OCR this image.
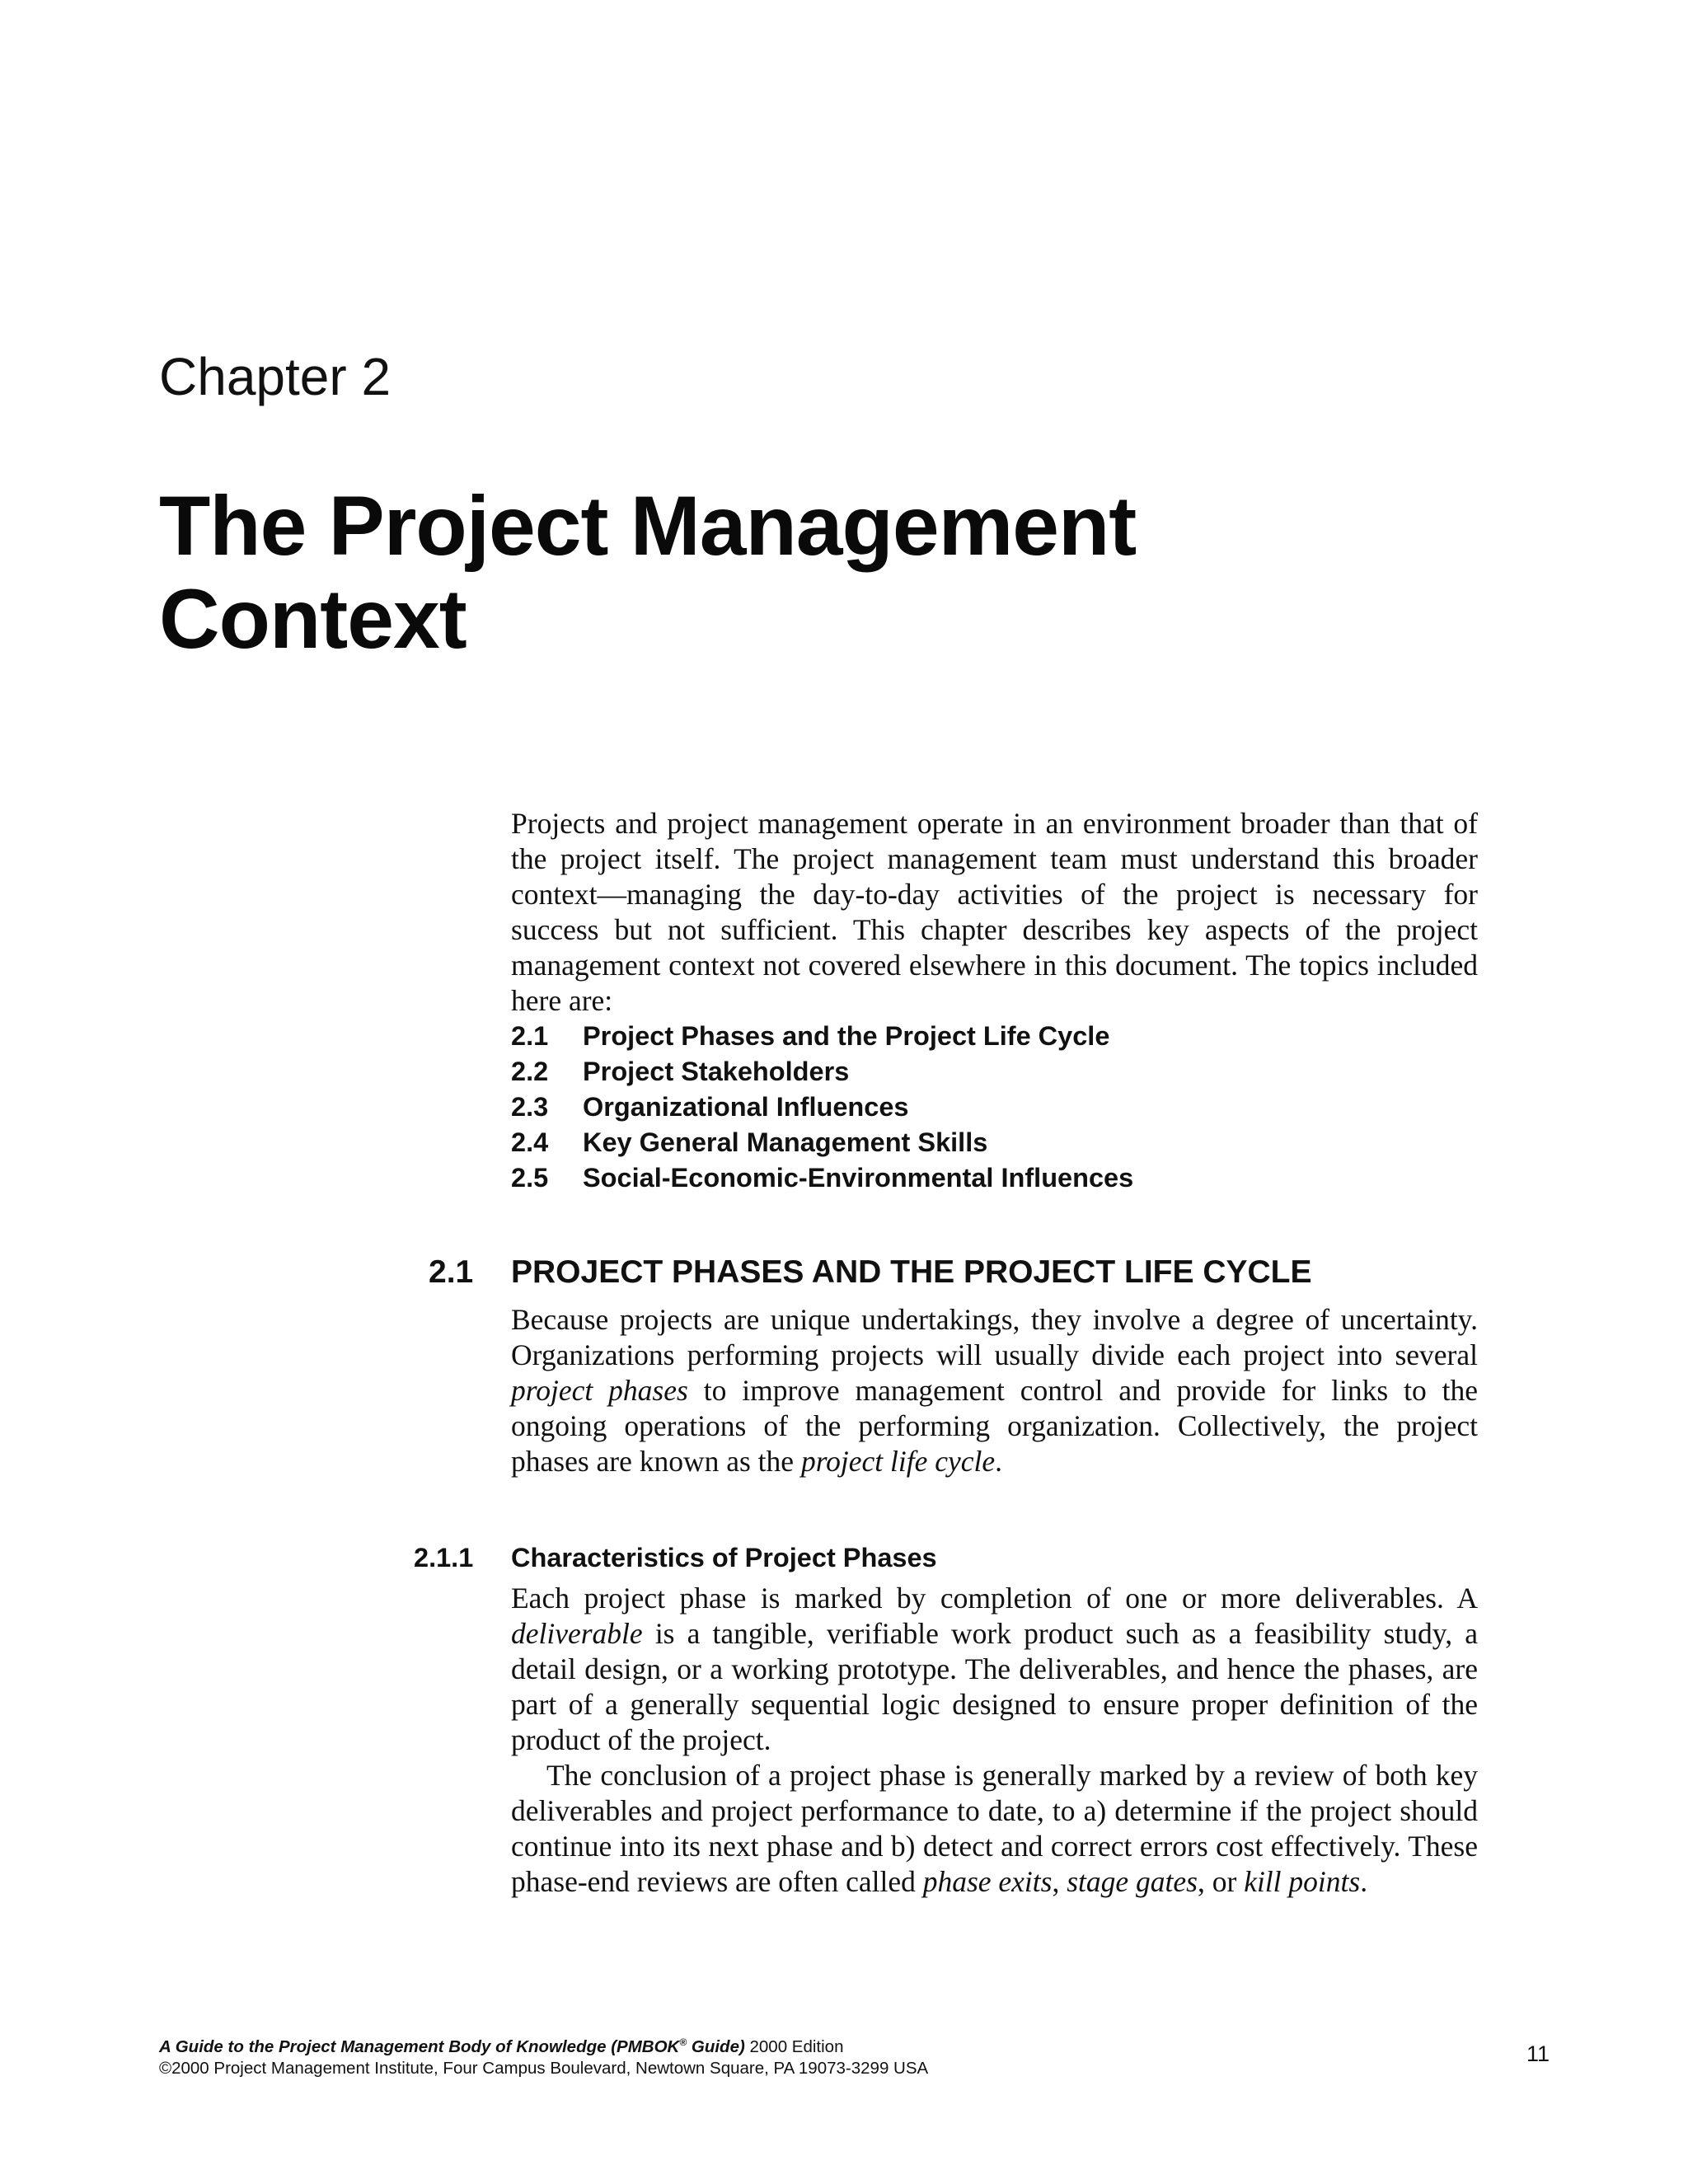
Chapter 2
The Project Management
Context

Projects and project management operate in an environment broader than that of the project itself. The project management team must understand this broader context—managing the day-to-day activities of the project is necessary for success but not sufficient. This chapter describes key aspects of the project management context not covered elsewhere in this document. The topics included here are:

2.1 Project Phases and the Project Life Cycle
2.2 Project Stakeholders
2.3 Organizational Influences
2.4 Key General Management Skills
2.5 Social-Economic-Environmental Influences
2.1 PROJECT PHASES AND THE PROJECT LIFE CYCLE

Because projects are unique undertakings, they involve a degree of uncertainty. Organizations performing projects will usually divide each project into several project phases to improve management control and provide for links to the ongoing operations of the performing organization. Collectively, the project phases are known as the project life cycle.

2.1.1 Characteristics of Project Phases

Each project phase is marked by completion of one or more deliverables. A deliverable is a tangible, verifiable work product such as a feasibility study, a detail design, or a working prototype. The deliverables, and hence the phases, are part of a generally sequential logic designed to ensure proper definition of the product of the project.

The conclusion of a project phase is generally marked by a review of both key deliverables and project performance to date, to a) determine if the project should continue into its next phase and b) detect and correct errors cost effectively. These phase-end reviews are often called phase exits, stage gates, or kill points.

A Guide to the Project Management Body of Knowledge (PMBOK® Guide) 2000 Edition
©2000 Project Management Institute, Four Campus Boulevard, Newtown Square, PA 19073-3299 USA
11
